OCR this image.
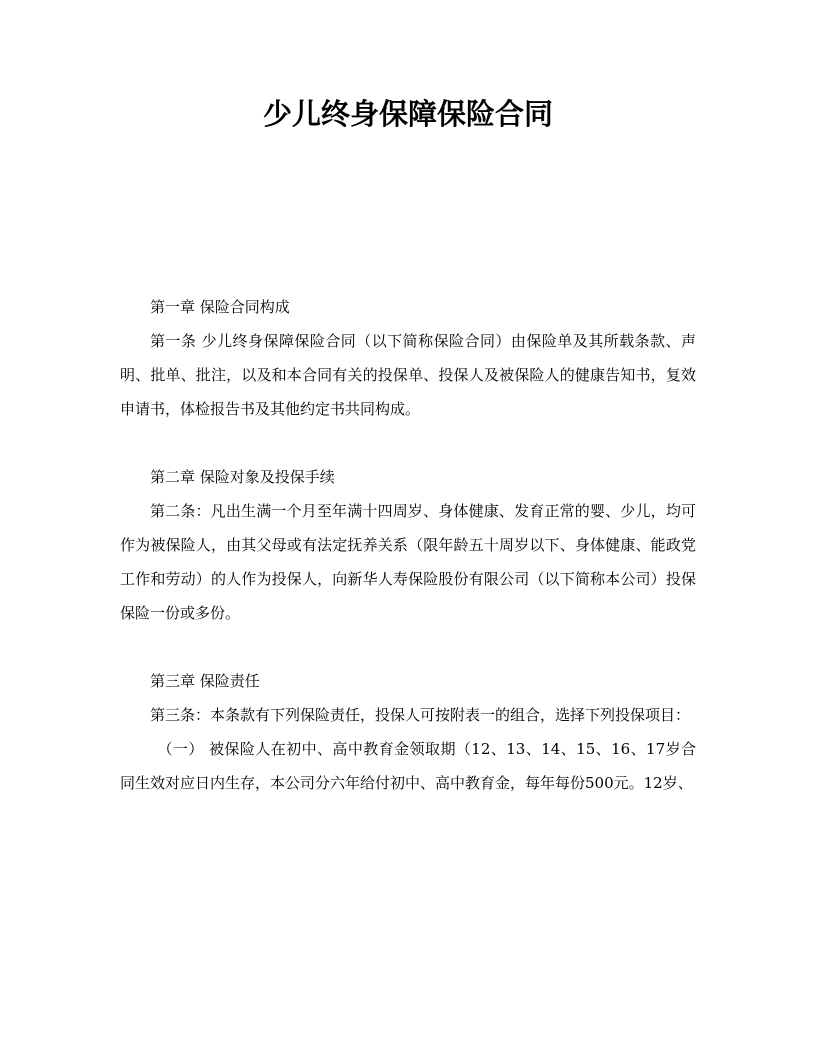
少儿终身保障保险合同

第一章 保险合同构成

第一条 少儿终身保障保险合同（以下简称保险合同）由保险单及其所载条款、声明、批单、批注，以及和本合同有关的投保单、投保人及被保险人的健康告知书，复效申请书，体检报告书及其他约定书共同构成。

第二章 保险对象及投保手续

第二条：凡出生满一个月至年满十四周岁、身体健康、发育正常的婴、少儿，均可作为被保险人，由其父母或有法定抚养关系（限年龄五十周岁以下、身体健康、能政党工作和劳动）的人作为投保人，向新华人寿保险股份有限公司（以下简称本公司）投保保险一份或多份。

第三章 保险责任

第三条：本条款有下列保险责任，投保人可按附表一的组合，选择下列投保项目：

（一） 被保险人在初中、高中教育金领取期（12、13、14、15、16、17岁合同生效对应日内生存，本公司分六年给付初中、高中教育金，每年每份500元。12岁、
